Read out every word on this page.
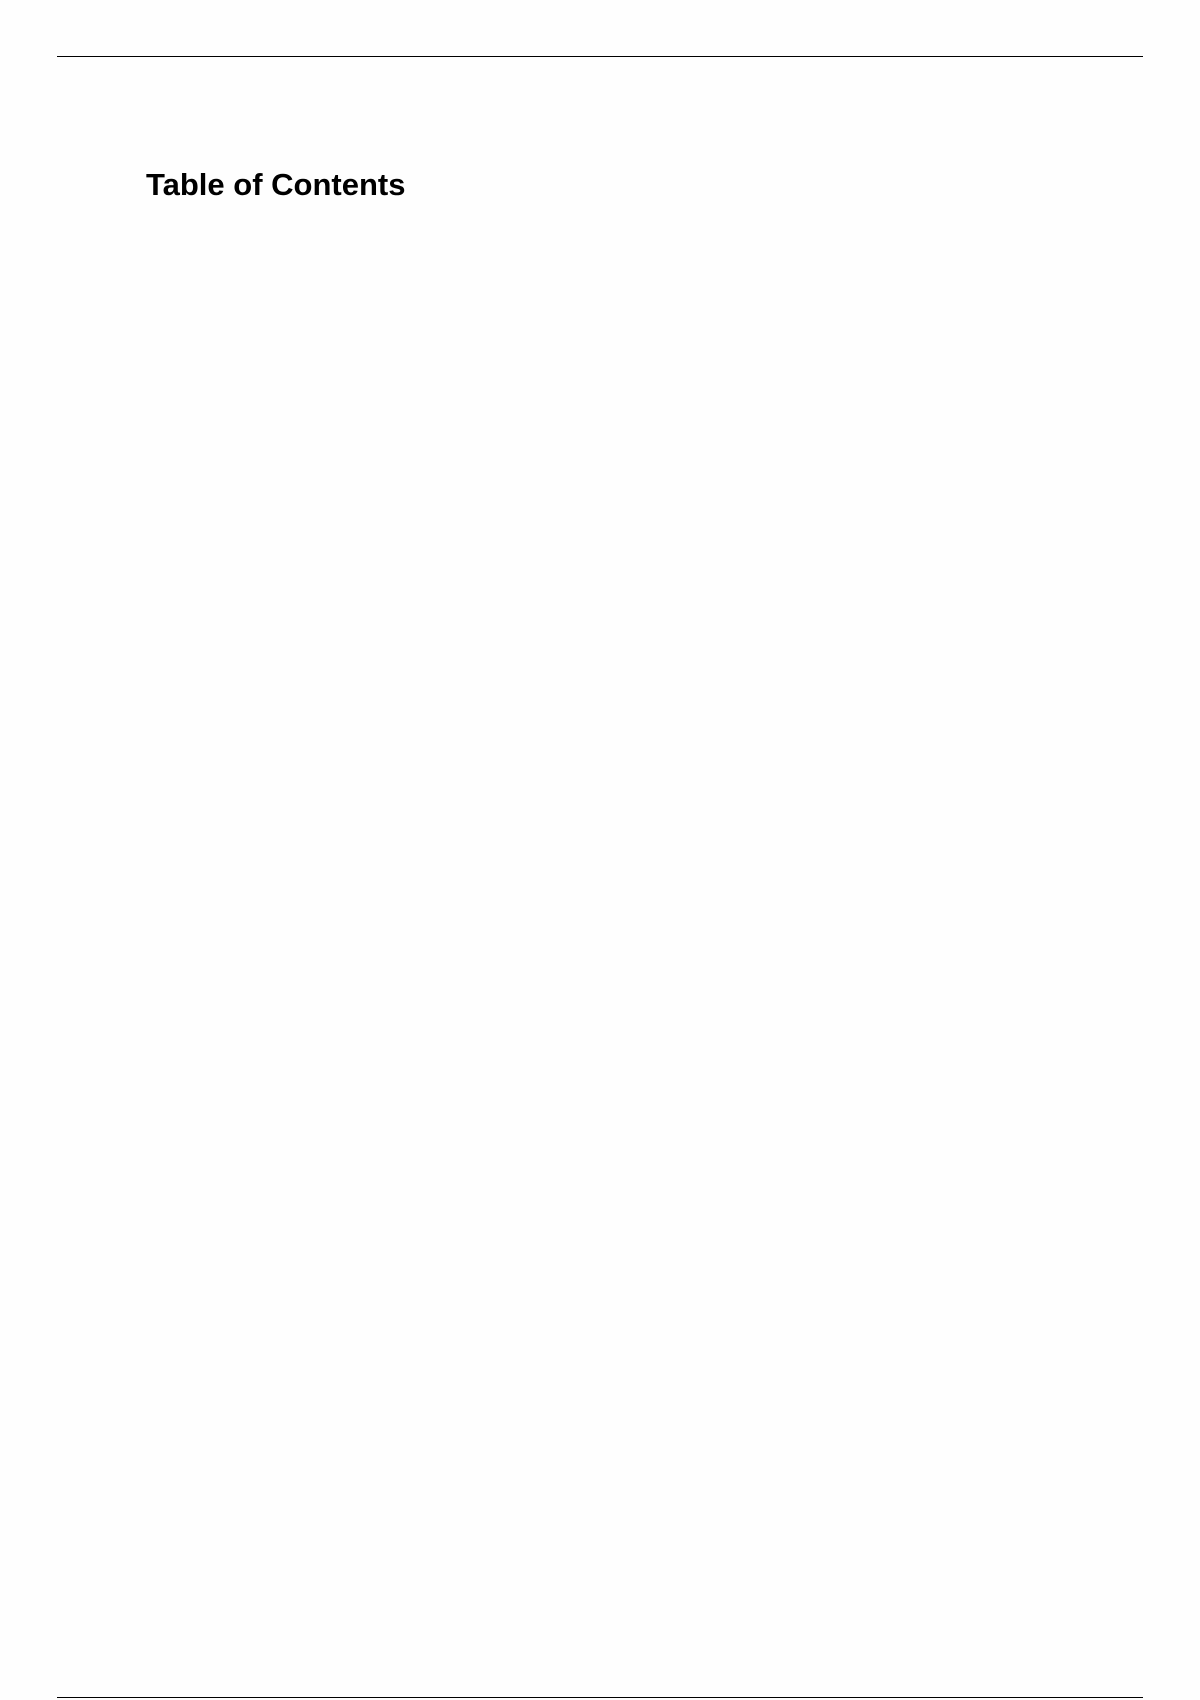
Table of Contents
